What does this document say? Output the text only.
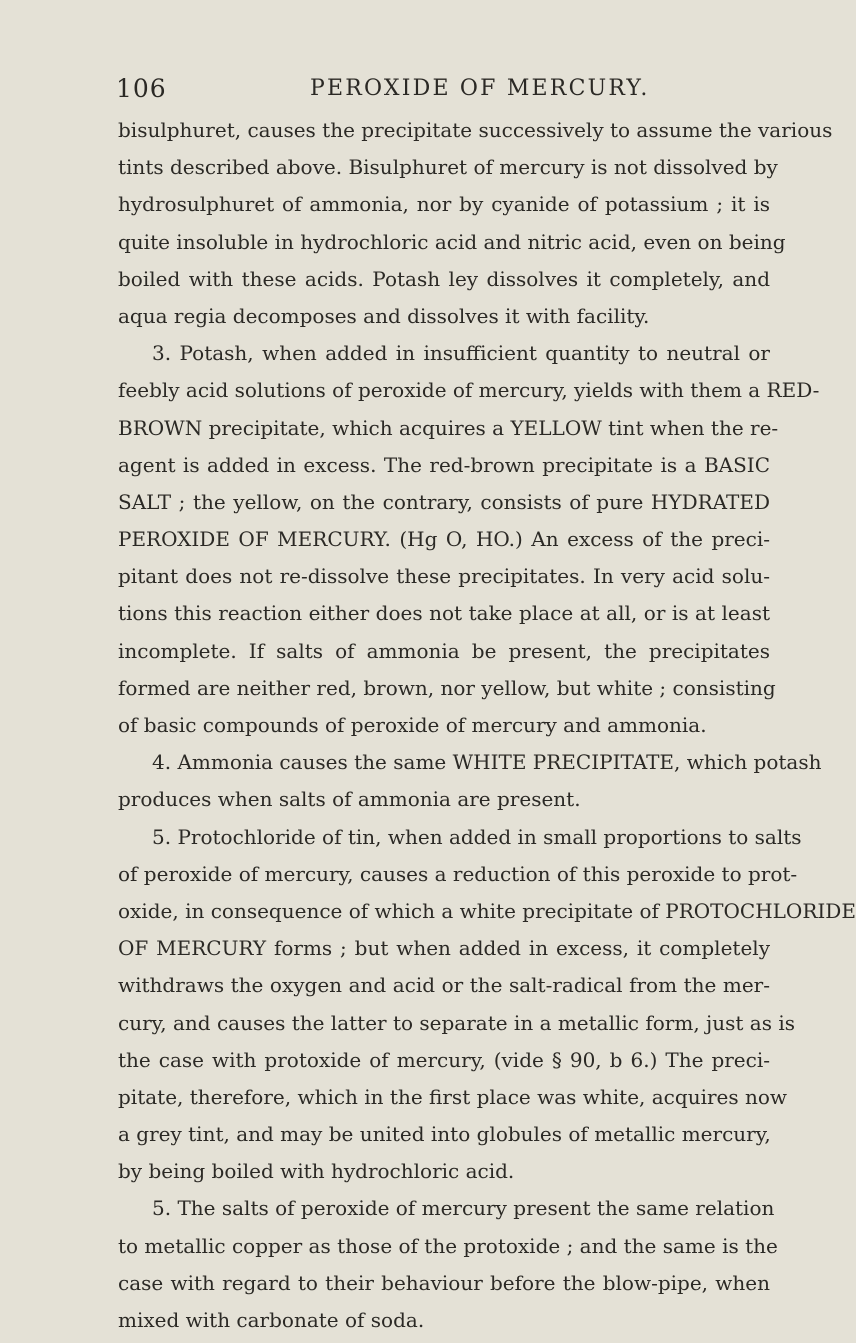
106	PEROXIDE OF MERCURY.
bisulphuret, causes the precipitate successively to assume the various
tints described above. Bisulphuret of mercury is not dissolved by
hydrosulphuret of ammonia, nor by cyanide of potassium ; it is
quite insoluble in hydrochloric acid and nitric acid, even on being
boiled with these acids. Potash ley dissolves it completely, and
aqua regia decomposes and dissolves it with facility.
3. Potash, when added in insufficient quantity to neutral or
feebly acid solutions of peroxide of mercury, yields with them a RED-
BROWN precipitate, which acquires a YELLOW tint when the re-
agent is added in excess. The red-brown precipitate is a BASIC
SALT ; the yellow, on the contrary, consists of pure HYDRATED
PEROXIDE OF MERCURY. (Hg O, HO.) An excess of the preci-
pitant does not re-dissolve these precipitates. In very acid solu-
tions this reaction either does not take place at all, or is at least
incomplete. If salts of ammonia be present, the precipitates
formed are neither red, brown, nor yellow, but white ; consisting
of basic compounds of peroxide of mercury and ammonia.
4. Ammonia causes the same WHITE PRECIPITATE, which potash
produces when salts of ammonia are present.
5. Protochloride of tin, when added in small proportions to salts
of peroxide of mercury, causes a reduction of this peroxide to prot-
oxide, in consequence of which a white precipitate of PROTOCHLORIDE
OF MERCURY forms ; but when added in excess, it completely
withdraws the oxygen and acid or the salt-radical from the mer-
cury, and causes the latter to separate in a metallic form, just as is
the case with protoxide of mercury, (vide § 90, b 6.) The preci-
pitate, therefore, which in the first place was white, acquires now
a grey tint, and may be united into globules of metallic mercury,
by being boiled with hydrochloric acid.
5. The salts of peroxide of mercury present the same relation
to metallic copper as those of the protoxide ; and the same is the
case with regard to their behaviour before the blow-pipe, when
mixed with carbonate of soda.
